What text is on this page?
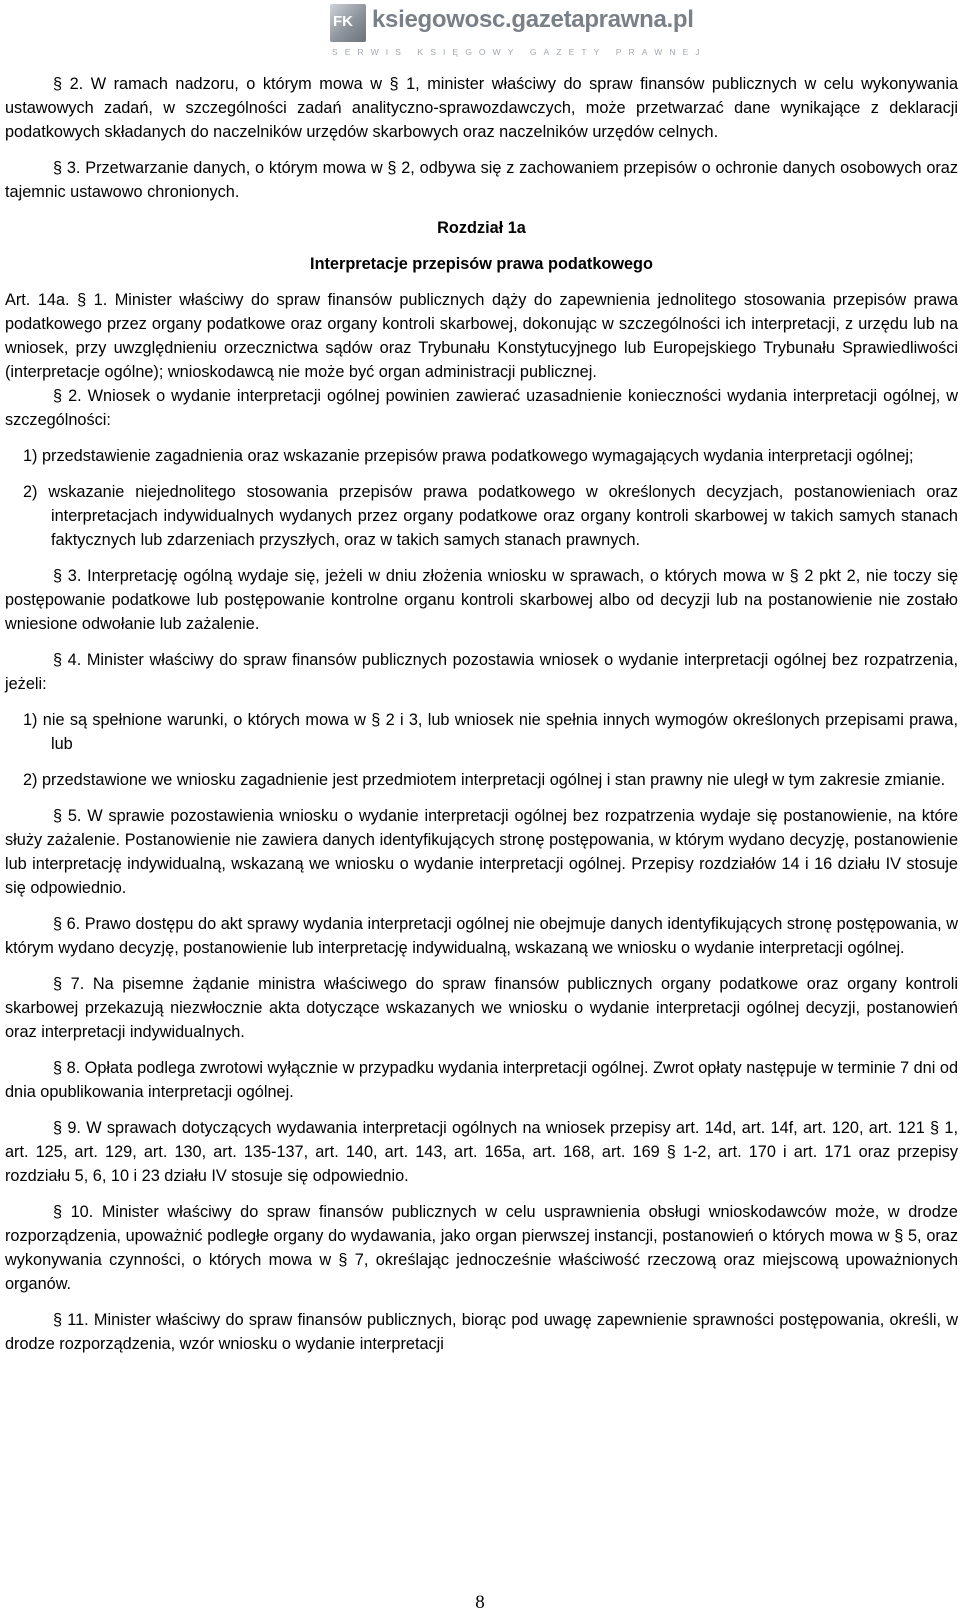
FK ksiegowosc.gazetaprawna.pl
SERWIS KSIĘGOWY GAZETY PRAWNEJ

§ 2. W ramach nadzoru, o którym mowa w § 1, minister właściwy do spraw finansów publicznych w celu wykonywania ustawowych zadań, w szczególności zadań analityczno-sprawozdawczych, może przetwarzać dane wynikające z deklaracji podatkowych składanych do naczelników urzędów skarbowych oraz naczelników urzędów celnych.

§ 3. Przetwarzanie danych, o którym mowa w § 2, odbywa się z zachowaniem przepisów o ochronie danych osobowych oraz tajemnic ustawowo chronionych.

Rozdział 1a

Interpretacje przepisów prawa podatkowego

Art. 14a. § 1. Minister właściwy do spraw finansów publicznych dąży do zapewnienia jednolitego stosowania przepisów prawa podatkowego przez organy podatkowe oraz organy kontroli skarbowej, dokonując w szczególności ich interpretacji, z urzędu lub na wniosek, przy uwzględnieniu orzecznictwa sądów oraz Trybunału Konstytucyjnego lub Europejskiego Trybunału Sprawiedliwości (interpretacje ogólne); wnioskodawcą nie może być organ administracji publicznej.

§ 2. Wniosek o wydanie interpretacji ogólnej powinien zawierać uzasadnienie konieczności wydania interpretacji ogólnej, w szczególności:

1) przedstawienie zagadnienia oraz wskazanie przepisów prawa podatkowego wymagających wydania interpretacji ogólnej;

2) wskazanie niejednolitego stosowania przepisów prawa podatkowego w określonych decyzjach, postanowieniach oraz interpretacjach indywidualnych wydanych przez organy podatkowe oraz organy kontroli skarbowej w takich samych stanach faktycznych lub zdarzeniach przyszłych, oraz w takich samych stanach prawnych.

§ 3. Interpretację ogólną wydaje się, jeżeli w dniu złożenia wniosku w sprawach, o których mowa w § 2 pkt 2, nie toczy się postępowanie podatkowe lub postępowanie kontrolne organu kontroli skarbowej albo od decyzji lub na postanowienie nie zostało wniesione odwołanie lub zażalenie.

§ 4. Minister właściwy do spraw finansów publicznych pozostawia wniosek o wydanie interpretacji ogólnej bez rozpatrzenia, jeżeli:

1) nie są spełnione warunki, o których mowa w § 2 i 3, lub wniosek nie spełnia innych wymogów określonych przepisami prawa, lub

2) przedstawione we wniosku zagadnienie jest przedmiotem interpretacji ogólnej i stan prawny nie uległ w tym zakresie zmianie.

§ 5. W sprawie pozostawienia wniosku o wydanie interpretacji ogólnej bez rozpatrzenia wydaje się postanowienie, na które służy zażalenie. Postanowienie nie zawiera danych identyfikujących stronę postępowania, w którym wydano decyzję, postanowienie lub interpretację indywidualną, wskazaną we wniosku o wydanie interpretacji ogólnej. Przepisy rozdziałów 14 i 16 działu IV stosuje się odpowiednio.

§ 6. Prawo dostępu do akt sprawy wydania interpretacji ogólnej nie obejmuje danych identyfikujących stronę postępowania, w którym wydano decyzję, postanowienie lub interpretację indywidualną, wskazaną we wniosku o wydanie interpretacji ogólnej.

§ 7. Na pisemne żądanie ministra właściwego do spraw finansów publicznych organy podatkowe oraz organy kontroli skarbowej przekazują niezwłocznie akta dotyczące wskazanych we wniosku o wydanie interpretacji ogólnej decyzji, postanowień oraz interpretacji indywidualnych.

§ 8. Opłata podlega zwrotowi wyłącznie w przypadku wydania interpretacji ogólnej. Zwrot opłaty następuje w terminie 7 dni od dnia opublikowania interpretacji ogólnej.

§ 9. W sprawach dotyczących wydawania interpretacji ogólnych na wniosek przepisy art. 14d, art. 14f, art. 120, art. 121 § 1, art. 125, art. 129, art. 130, art. 135-137, art. 140, art. 143, art. 165a, art. 168, art. 169 § 1-2, art. 170 i art. 171 oraz przepisy rozdziału 5, 6, 10 i 23 działu IV stosuje się odpowiednio.

§ 10. Minister właściwy do spraw finansów publicznych w celu usprawnienia obsługi wnioskodawców może, w drodze rozporządzenia, upoważnić podległe organy do wydawania, jako organ pierwszej instancji, postanowień o których mowa w § 5, oraz wykonywania czynności, o których mowa w § 7, określając jednocześnie właściwość rzeczową oraz miejscową upoważnionych organów.

§ 11. Minister właściwy do spraw finansów publicznych, biorąc pod uwagę zapewnienie sprawności postępowania, określi, w drodze rozporządzenia, wzór wniosku o wydanie interpretacji

8
